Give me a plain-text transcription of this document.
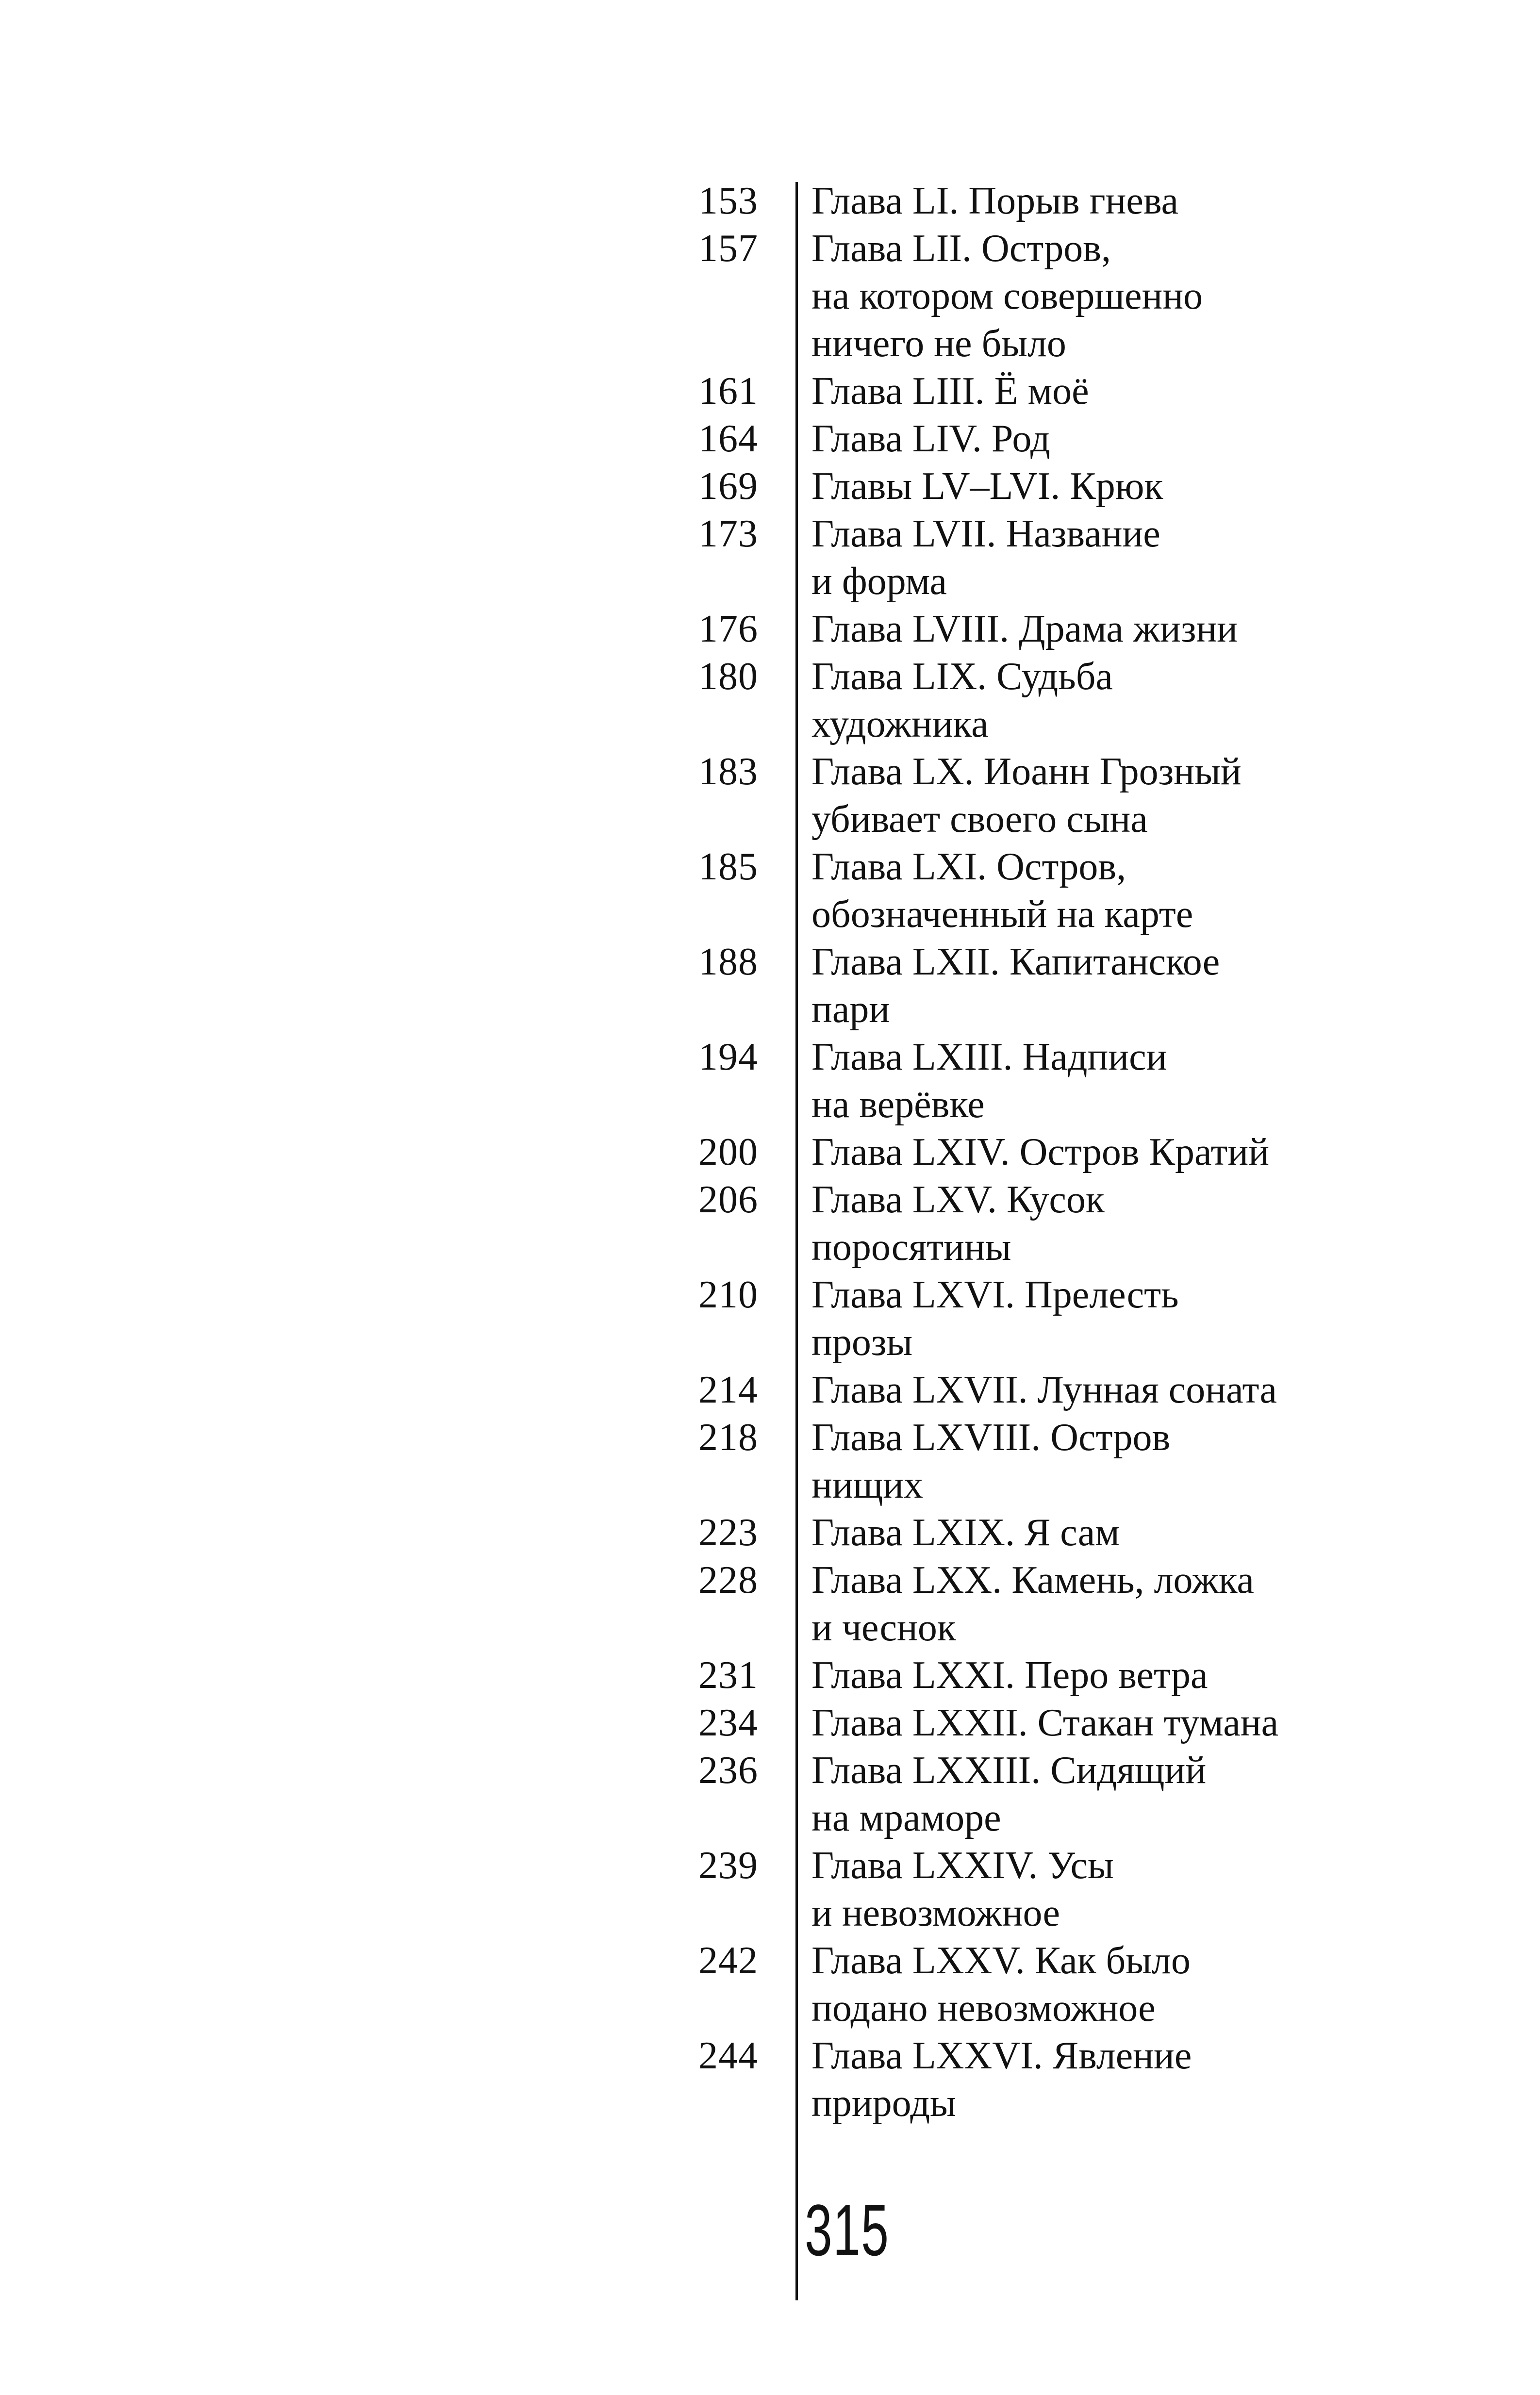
153	Глава LI. Порыв гнева
157	Глава LII. Остров,
на котором совершенно
ничего не было
161	Глава LIII. Ё моё
164	Глава LIV. Род
169	Главы LV–LVI. Крюк
173	Глава LVII. Название
и форма
176	Глава LVIII. Драма жизни
180	Глава LIX. Судьба
художника
183	Глава LX. Иоанн Грозный
убивает своего сына
185	Глава LXI. Остров,
обозначенный на карте
188	Глава LXII. Капитанское
пари
194	Глава LXIII. Надписи
на верёвке
200	Глава LXIV. Остров Кратий
206	Глава LXV. Кусок
поросятины
210	Глава LXVI. Прелесть
прозы
214	Глава LXVII. Лунная соната
218	Глава LXVIII. Остров
нищих
223	Глава LXIX. Я сам
228	Глава LXX. Камень, ложка
и чеснок
231	Глава LXXI. Перо ветра
234	Глава LXXII. Стакан тумана
236	Глава LXXIII. Сидящий
на мраморе
239	Глава LXXIV. Усы
и невозможное
242	Глава LXXV. Как было
подано невозможное
244	Глава LXXVI. Явление
природы
315
